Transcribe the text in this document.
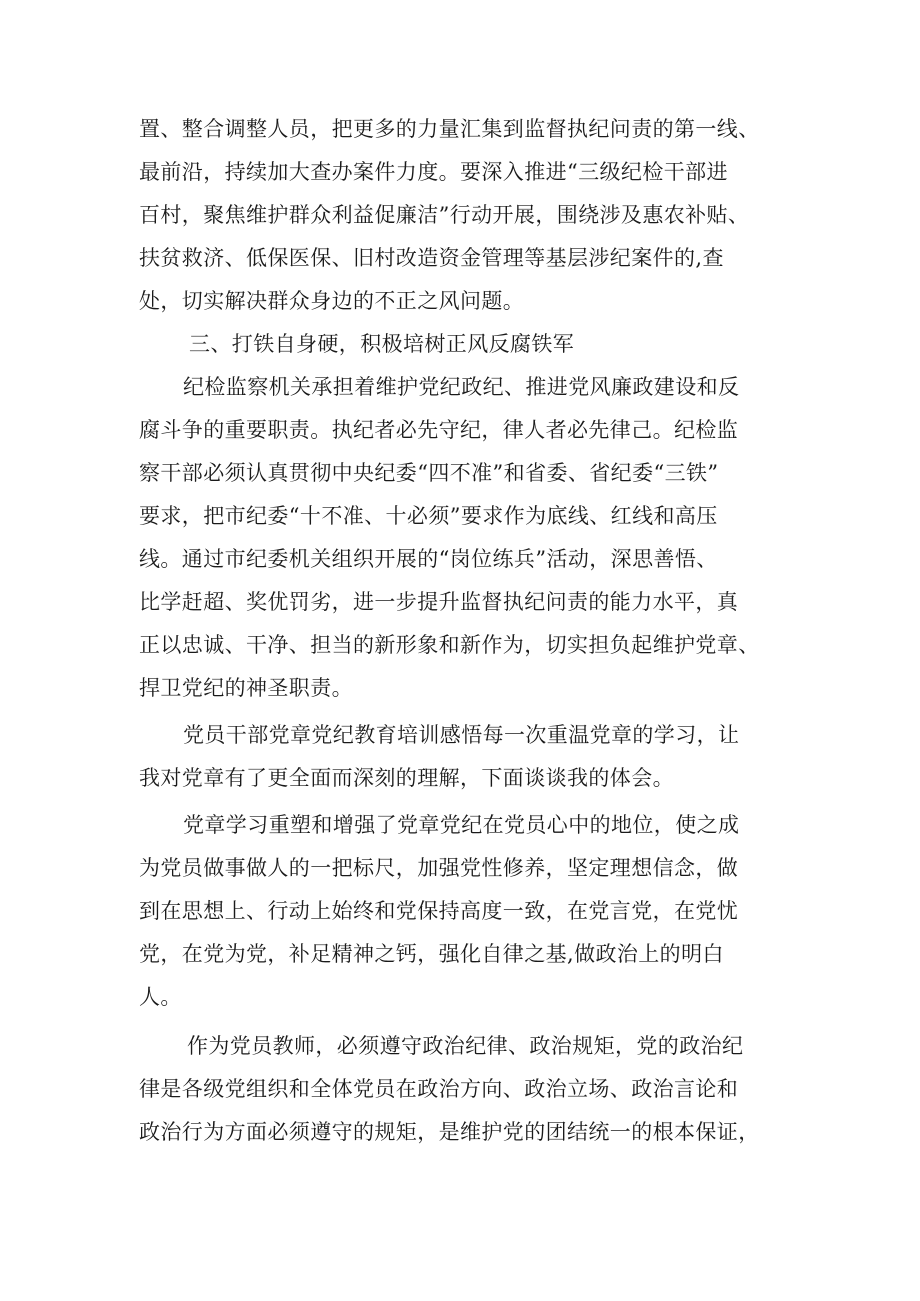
置、整合调整人员，把更多的力量汇集到监督执纪问责的第一线、
最前沿，持续加大查办案件力度。要深入推进“三级纪检干部进
百村，聚焦维护群众利益促廉洁”行动开展，围绕涉及惠农补贴、
扶贫救济、低保医保、旧村改造资金管理等基层涉纪案件的,查
处，切实解决群众身边的不正之风问题。
三、打铁自身硬，积极培树正风反腐铁军
纪检监察机关承担着维护党纪政纪、推进党风廉政建设和反
腐斗争的重要职责。执纪者必先守纪，律人者必先律己。纪检监
察干部必须认真贯彻中央纪委“四不准”和省委、省纪委“三铁”
要求，把市纪委“十不准、十必须”要求作为底线、红线和高压
线。通过市纪委机关组织开展的“岗位练兵”活动，深思善悟、
比学赶超、奖优罚劣，进一步提升监督执纪问责的能力水平，真
正以忠诚、干净、担当的新形象和新作为，切实担负起维护党章、
捍卫党纪的神圣职责。
党员干部党章党纪教育培训感悟每一次重温党章的学习，让
我对党章有了更全面而深刻的理解，下面谈谈我的体会。
党章学习重塑和增强了党章党纪在党员心中的地位，使之成
为党员做事做人的一把标尺，加强党性修养，坚定理想信念，做
到在思想上、行动上始终和党保持高度一致，在党言党，在党忧
党，在党为党，补足精神之钙，强化自律之基,做政治上的明白
人。
作为党员教师，必须遵守政治纪律、政治规矩，党的政治纪
律是各级党组织和全体党员在政治方向、政治立场、政治言论和
政治行为方面必须遵守的规矩，是维护党的团结统一的根本保证，
